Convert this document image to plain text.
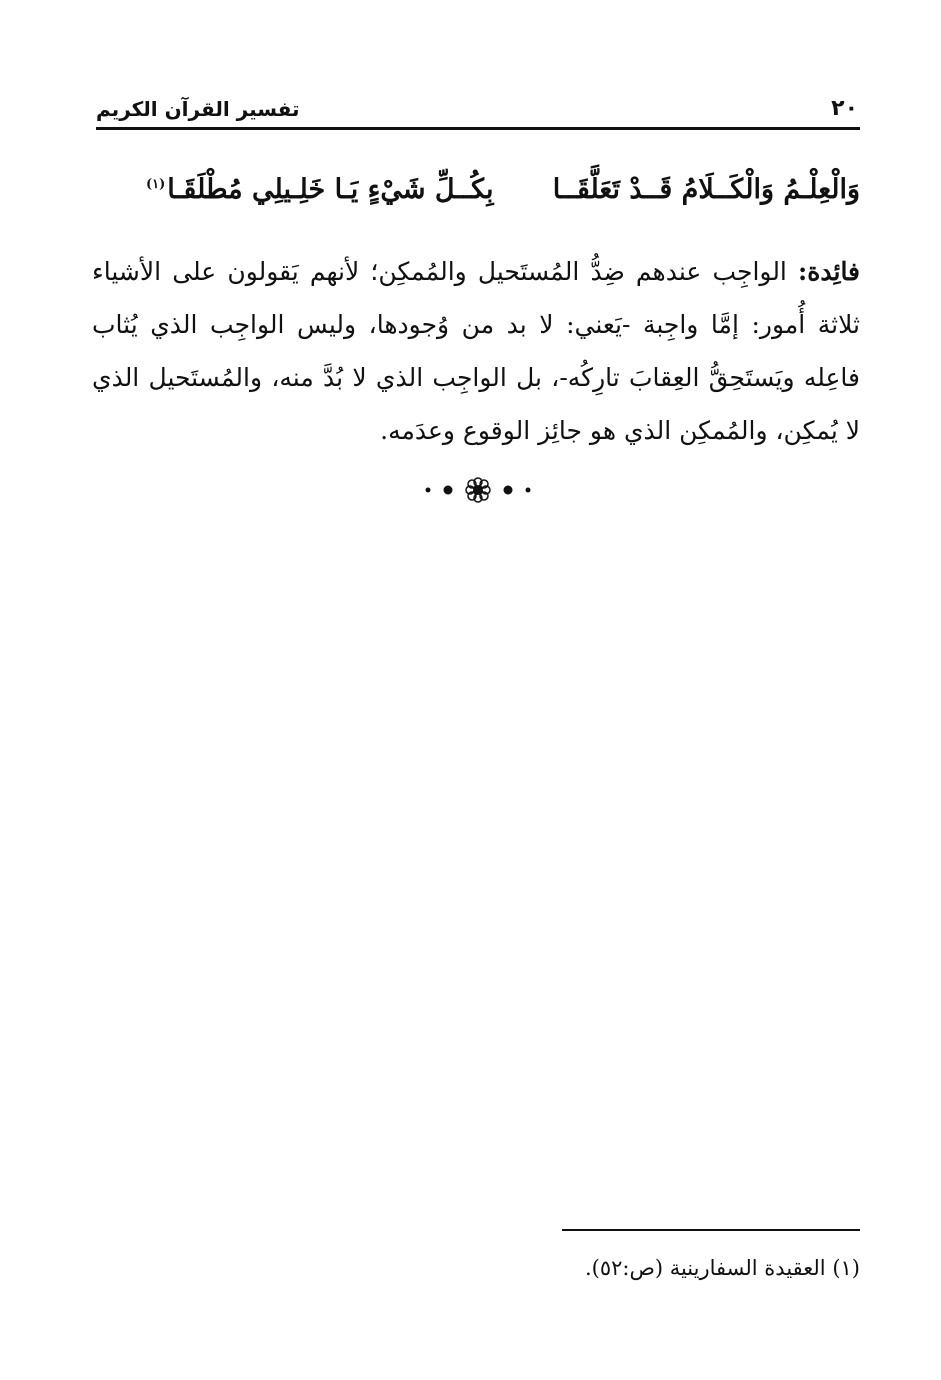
٢٠
تفسير القرآن الكريم
وَالْعِلْـمُ وَالْكَــلَامُ قَــدْ تَعَلَّقَــا
بِكُــلِّ شَيْءٍ يَـا خَلِـيلِي مُطْلَقَـا$^{(١)}$
فائِدة: الواجِب عندهم ضِدُّ المُستَحيل والمُمكِن؛ لأنهم يَقولون على الأشياء ثلاثة أُمور: إمَّا واجِبة -يَعني: لا بد من وُجودها، وليس الواجِب الذي يُثاب فاعِله ويَستَحِقُّ العِقابَ تارِكُه-، بل الواجِب الذي لا بُدَّ منه، والمُستَحيل الذي لا يُمكِن، والمُمكِن الذي هو جائِز الوقوع وعدَمه.
(١) العقيدة السفارينية (ص:٥٢).
